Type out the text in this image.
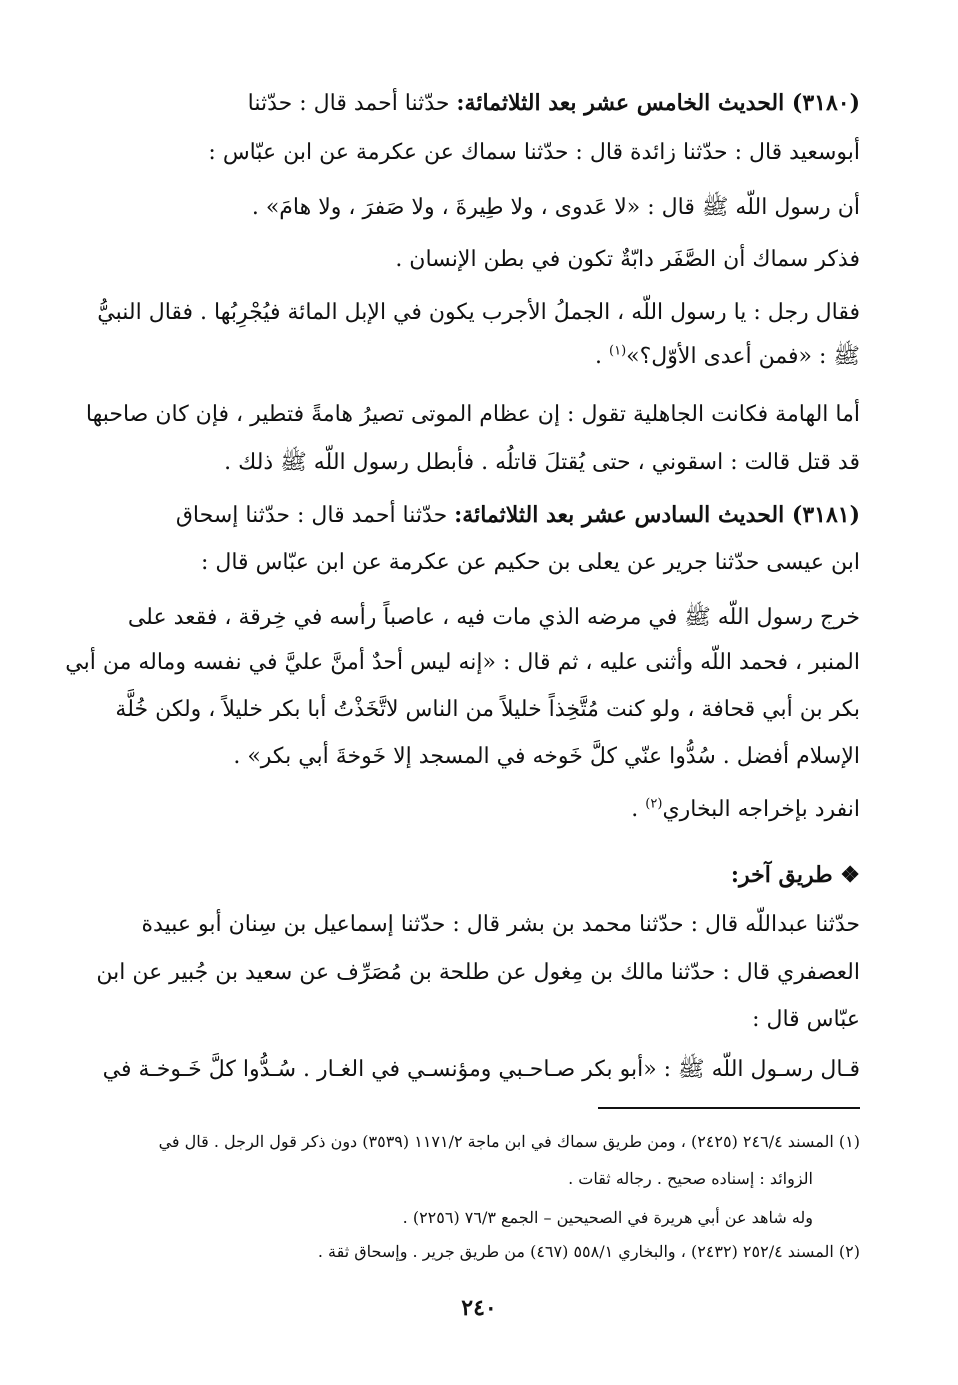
(٣١٨٠) الحديث الخامس عشر بعد الثلاثمائة: حدّثنا أحمد قال : حدّثنا
أبوسعيد قال : حدّثنا زائدة قال : حدّثنا سماك عن عكرمة عن ابن عبّاس :
أن رسول اللّه ﷺ قال : «لا عَدوى ، ولا طِيرةَ ، ولا صَفرَ ، ولا هامَ» .
فذكر سماك أن الصَّفَر دابّةٌ تكون في بطن الإنسان .
فقال رجل : يا رسول اللّه ، الجملُ الأجرب يكون في الإبل المائة فيُجْرِبُها . فقال النبيُّ
ﷺ : «فمن أعدى الأوّل؟»$^{(١)}$ .
أما الهامة فكانت الجاهلية تقول : إن عظام الموتى تصيرُ هامةً فتطير ، فإن كان صاحبها
قد قتل قالت : اسقوني ، حتى يُقتلَ قاتلُه . فأبطل رسول اللّه ﷺ ذلك .
(٣١٨١) الحديث السادس عشر بعد الثلاثمائة: حدّثنا أحمد قال : حدّثنا إسحاق
ابن عيسى حدّثنا جرير عن يعلى بن حكيم عن عكرمة عن ابن عبّاس قال :
خرج رسول اللّه ﷺ في مرضه الذي مات فيه ، عاصباً رأسه في خِرقة ، فقعد على
المنبر ، فحمد اللّه وأثنى عليه ، ثم قال : «إنه ليس أحدٌ أمنَّ عليَّ في نفسه وماله من أبي
بكر بن أبي قحافة ، ولو كنت مُتَّخِذاً خليلاً من الناس لاتَّخَذْتُ أبا بكر خليلاً ، ولكن خُلَّة
الإسلام أفضل . سُدُّوا عنّي كلَّ خَوخه في المسجد إلا خَوخةَ أبي بكر» .
انفرد بإخراجه البخاري$^{(٢)}$ .
❖ طريق آخر:
حدّثنا عبداللّه قال : حدّثنا محمد بن بشر قال : حدّثنا إسماعيل بن سِنان أبو عبيدة
العصفري قال : حدّثنا مالك بن مِغول عن طلحة بن مُصَرِّف عن سعيد بن جُبير عن ابن
عبّاس قال :
قـال رسـول اللّه ﷺ : «أبو بكر صـاحـبي ومؤنسـي في الغـار . سُـدُّوا كلَّ خَـوخـة في
(١) المسند ٢٤٦/٤ (٢٤٢٥) ، ومن طريق سماك في ابن ماجة ١١٧١/٢ (٣٥٣٩) دون ذكر قول الرجل . قال في
الزوائد : إسناده صحيح . رجاله ثقات .
وله شاهد عن أبي هريرة في الصحيحين – الجمع ٧٦/٣ (٢٢٥٦) .
(٢) المسند ٢٥٢/٤ (٢٤٣٢) ، والبخاري ٥٥٨/١ (٤٦٧) من طريق جرير . وإسحاق ثقة .
٢٤٠
